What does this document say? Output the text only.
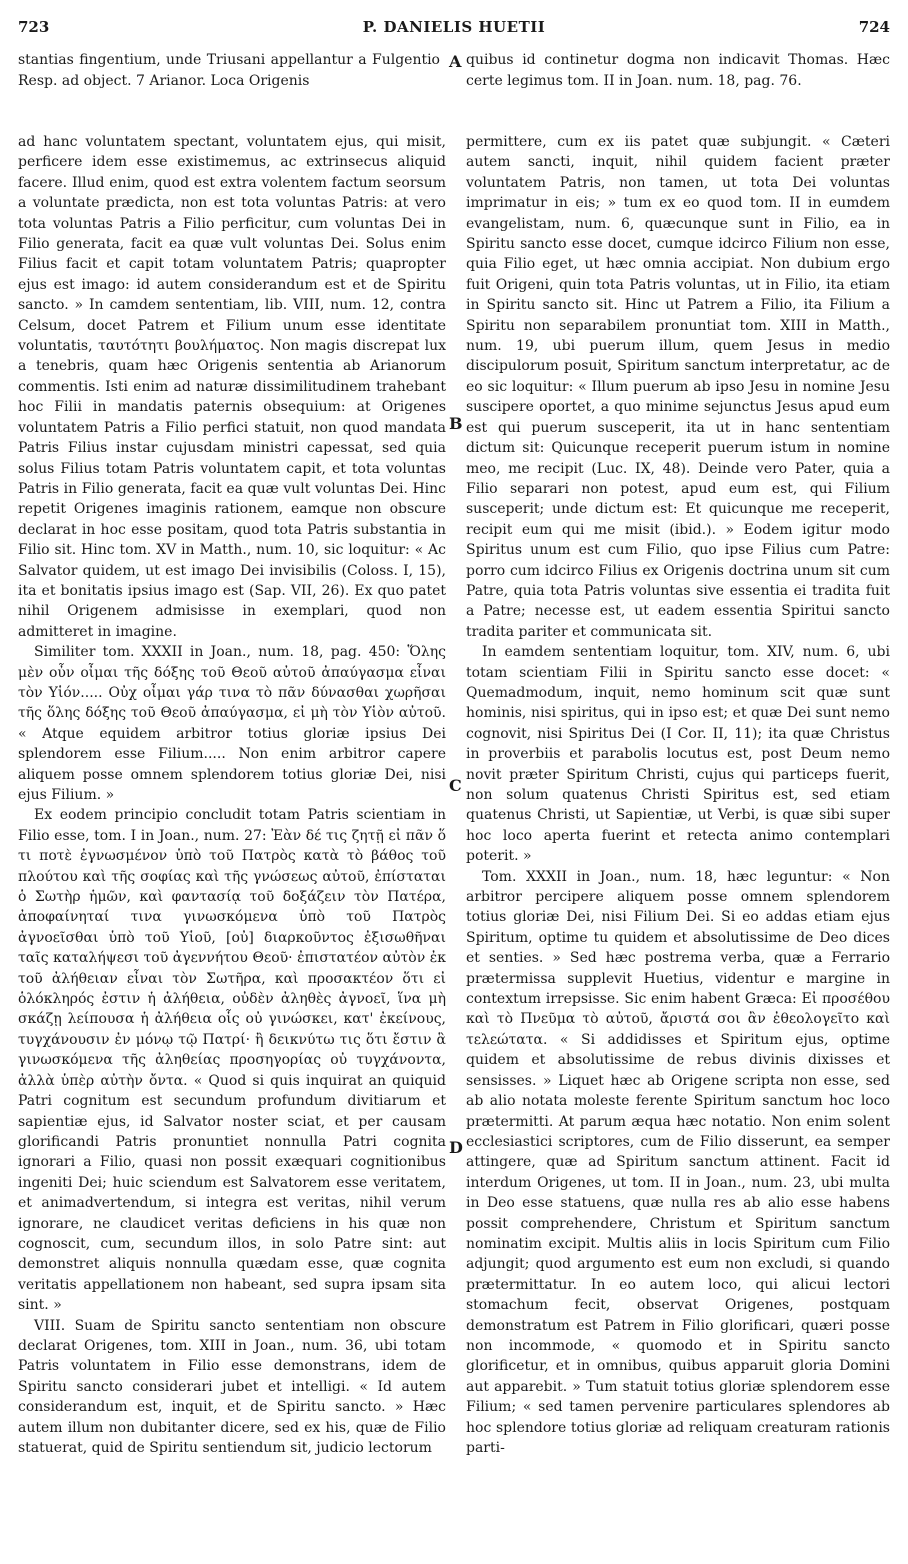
723	P. DANIELIS HUETII	724
stantias fingentium, unde Triusani appellantur a Fulgentio Resp. ad object. 7 Arianor. Loca Origenis
quibus id continetur dogma non indicavit Thomas. Hæc certe legimus tom. II in Joan. num. 18, pag. 76.
A

ad hanc voluntatem spectant, voluntatem ejus, qui misit, perficere idem esse existimemus, ac extrinsecus aliquid facere. Illud enim, quod est extra volentem factum seorsum a voluntate prædicta, non est tota voluntas Patris: at vero tota voluntas Patris a Filio perficitur, cum voluntas Dei in Filio generata, facit ea quæ vult voluntas Dei. Solus enim Filius facit et capit totam voluntatem Patris; quapropter ejus est imago: id autem considerandum est et de Spiritu sancto. » In camdem sententiam, lib. VIII, num. 12, contra Celsum, docet Patrem et Filium unum esse identitate voluntatis, ταυτότητι βουλήματος. Non magis discrepat lux a tenebris, quam hæc Origenis sententia ab Arianorum commentis. Isti enim ad naturæ dissimilitudinem trahebant hoc Filii in mandatis paternis obsequium: at Origenes voluntatem Patris a Filio perfici statuit, non quod mandata Patris Filius instar cujusdam ministri capessat, sed quia solus Filius totam Patris voluntatem capit, et tota voluntas Patris in Filio generata, facit ea quæ vult voluntas Dei. Hinc repetit Origenes imaginis rationem, eamque non obscure declarat in hoc esse positam, quod tota Patris substantia in Filio sit. Hinc tom. XV in Matth., num. 10, sic loquitur: « Ac Salvator quidem, ut est imago Dei invisibilis (Coloss. I, 15), ita et bonitatis ipsius imago est (Sap. VII, 26). Ex quo patet nihil Origenem admisisse in exemplari, quod non admitteret in imagine.

Similiter tom. XXXII in Joan., num. 18, pag. 450: Ὅλης μὲν οὖν οἶμαι τῆς δόξης τοῦ Θεοῦ αὐτοῦ ἀπαύγασμα εἶναι τὸν Υἱόν..... Οὐχ οἶμαι γάρ τινα τὸ πᾶν δύνασθαι χωρῆσαι τῆς ὅλης δόξης τοῦ Θεοῦ ἀπαύγασμα, εἰ μὴ τὸν Υἱὸν αὐτοῦ. « Atque equidem arbitror totius gloriæ ipsius Dei splendorem esse Filium..... Non enim arbitror capere aliquem posse omnem splendorem totius gloriæ Dei, nisi ejus Filium. »

Ex eodem principio concludit totam Patris scientiam in Filio esse, tom. I in Joan., num. 27: Ἐὰν δέ τις ζητῇ εἰ πᾶν ὅ τι ποτὲ ἐγνωσμένον ὑπὸ τοῦ Πατρὸς κατὰ τὸ βάθος τοῦ πλούτου καὶ τῆς σοφίας καὶ τῆς γνώσεως αὐτοῦ, ἐπίσταται ὁ Σωτὴρ ἡμῶν, καὶ φαντασίᾳ τοῦ δοξάζειν τὸν Πατέρα, ἀποφαίνηταί τινα γινωσκόμενα ὑπὸ τοῦ Πατρὸς ἀγνοεῖσθαι ὑπὸ τοῦ Υἱοῦ, [οὐ] διαρκοῦντος ἐξισωθῆναι ταῖς καταλήψεσι τοῦ ἀγεννήτου Θεοῦ· ἐπιστατέον αὐτὸν ἐκ τοῦ ἀλήθειαν εἶναι τὸν Σωτῆρα, καὶ προσακτέον ὅτι εἰ ὁλόκληρός ἐστιν ἡ ἀλήθεια, οὐδὲν ἀληθὲς ἀγνοεῖ, ἵνα μὴ σκάζῃ λείπουσα ἡ ἀλήθεια οἷς οὐ γινώσκει, κατ' ἐκείνους, τυγχάνουσιν ἐν μόνῳ τῷ Πατρί· ἢ δεικνύτω τις ὅτι ἔστιν ἃ γινωσκόμενα τῆς ἀληθείας προσηγορίας οὐ τυγχάνοντα, ἀλλὰ ὑπὲρ αὐτὴν ὄντα. « Quod si quis inquirat an quiquid Patri cognitum est secundum profundum divitiarum et sapientiæ ejus, id Salvator noster sciat, et per causam glorificandi Patris pronuntiet nonnulla Patri cognita ignorari a Filio, quasi non possit exæquari cognitionibus ingeniti Dei; huic sciendum est Salvatorem esse veritatem, et animadvertendum, si integra est veritas, nihil verum ignorare, ne claudicet veritas deficiens in his quæ non cognoscit, cum, secundum illos, in solo Patre sint: aut demonstret aliquis nonnulla quædam esse, quæ cognita veritatis appellationem non habeant, sed supra ipsam sita sint. »

VIII. Suam de Spiritu sancto sententiam non obscure declarat Origenes, tom. XIII in Joan., num. 36, ubi totam Patris voluntatem in Filio esse demonstrans, idem de Spiritu sancto considerari jubet et intelligi. « Id autem considerandum est, inquit, et de Spiritu sancto. » Hæc autem illum non dubitanter dicere, sed ex his, quæ de Filio statuerat, quid de Spiritu sentiendum sit, judicio lectorum

B
C
D

permittere, cum ex iis patet quæ subjungit. « Cæteri autem sancti, inquit, nihil quidem facient præter voluntatem Patris, non tamen, ut tota Dei voluntas imprimatur in eis; » tum ex eo quod tom. II in eumdem evangelistam, num. 6, quæcunque sunt in Filio, ea in Spiritu sancto esse docet, cumque idcirco Filium non esse, quia Filio eget, ut hæc omnia accipiat. Non dubium ergo fuit Origeni, quin tota Patris voluntas, ut in Filio, ita etiam in Spiritu sancto sit. Hinc ut Patrem a Filio, ita Filium a Spiritu non separabilem pronuntiat tom. XIII in Matth., num. 19, ubi puerum illum, quem Jesus in medio discipulorum posuit, Spiritum sanctum interpretatur, ac de eo sic loquitur: « Illum puerum ab ipso Jesu in nomine Jesu suscipere oportet, a quo minime sejunctus Jesus apud eum est qui puerum susceperit, ita ut in hanc sententiam dictum sit: Quicunque receperit puerum istum in nomine meo, me recipit (Luc. IX, 48). Deinde vero Pater, quia a Filio separari non potest, apud eum est, qui Filium susceperit; unde dictum est: Et quicunque me receperit, recipit eum qui me misit (ibid.). » Eodem igitur modo Spiritus unum est cum Filio, quo ipse Filius cum Patre: porro cum idcirco Filius ex Origenis doctrina unum sit cum Patre, quia tota Patris voluntas sive essentia ei tradita fuit a Patre; necesse est, ut eadem essentia Spiritui sancto tradita pariter et communicata sit.

In eamdem sententiam loquitur, tom. XIV, num. 6, ubi totam scientiam Filii in Spiritu sancto esse docet: « Quemadmodum, inquit, nemo hominum scit quæ sunt hominis, nisi spiritus, qui in ipso est; et quæ Dei sunt nemo cognovit, nisi Spiritus Dei (I Cor. II, 11); ita quæ Christus in proverbiis et parabolis locutus est, post Deum nemo novit præter Spiritum Christi, cujus qui particeps fuerit, non solum quatenus Christi Spiritus est, sed etiam quatenus Christi, ut Sapientiæ, ut Verbi, is quæ sibi super hoc loco aperta fuerint et retecta animo contemplari poterit. »

Tom. XXXII in Joan., num. 18, hæc leguntur: « Non arbitror percipere aliquem posse omnem splendorem totius gloriæ Dei, nisi Filium Dei. Si eo addas etiam ejus Spiritum, optime tu quidem et absolutissime de Deo dices et senties. » Sed hæc postrema verba, quæ a Ferrario prætermissa supplevit Huetius, videntur e margine in contextum irrepsisse. Sic enim habent Græca: Εἰ προσέθου καὶ τὸ Πνεῦμα τὸ αὐτοῦ, ἄριστά σοι ἂν ἐθεολογεῖτο καὶ τελεώτατα. « Si addidisses et Spiritum ejus, optime quidem et absolutissime de rebus divinis dixisses et sensisses. » Liquet hæc ab Origene scripta non esse, sed ab alio notata moleste ferente Spiritum sanctum hoc loco prætermitti. At parum æqua hæc notatio. Non enim solent ecclesiastici scriptores, cum de Filio disserunt, ea semper attingere, quæ ad Spiritum sanctum attinent. Facit id interdum Origenes, ut tom. II in Joan., num. 23, ubi multa in Deo esse statuens, quæ nulla res ab alio esse habens possit comprehendere, Christum et Spiritum sanctum nominatim excipit. Multis aliis in locis Spiritum cum Filio adjungit; quod argumento est eum non excludi, si quando prætermittatur. In eo autem loco, qui alicui lectori stomachum fecit, observat Origenes, postquam demonstratum est Patrem in Filio glorificari, quæri posse non incommode, « quomodo et in Spiritu sancto glorificetur, et in omnibus, quibus apparuit gloria Domini aut apparebit. » Tum statuit totius gloriæ splendorem esse Filium; « sed tamen pervenire particulares splendores ab hoc splendore totius gloriæ ad reliquam creaturam rationis parti-
